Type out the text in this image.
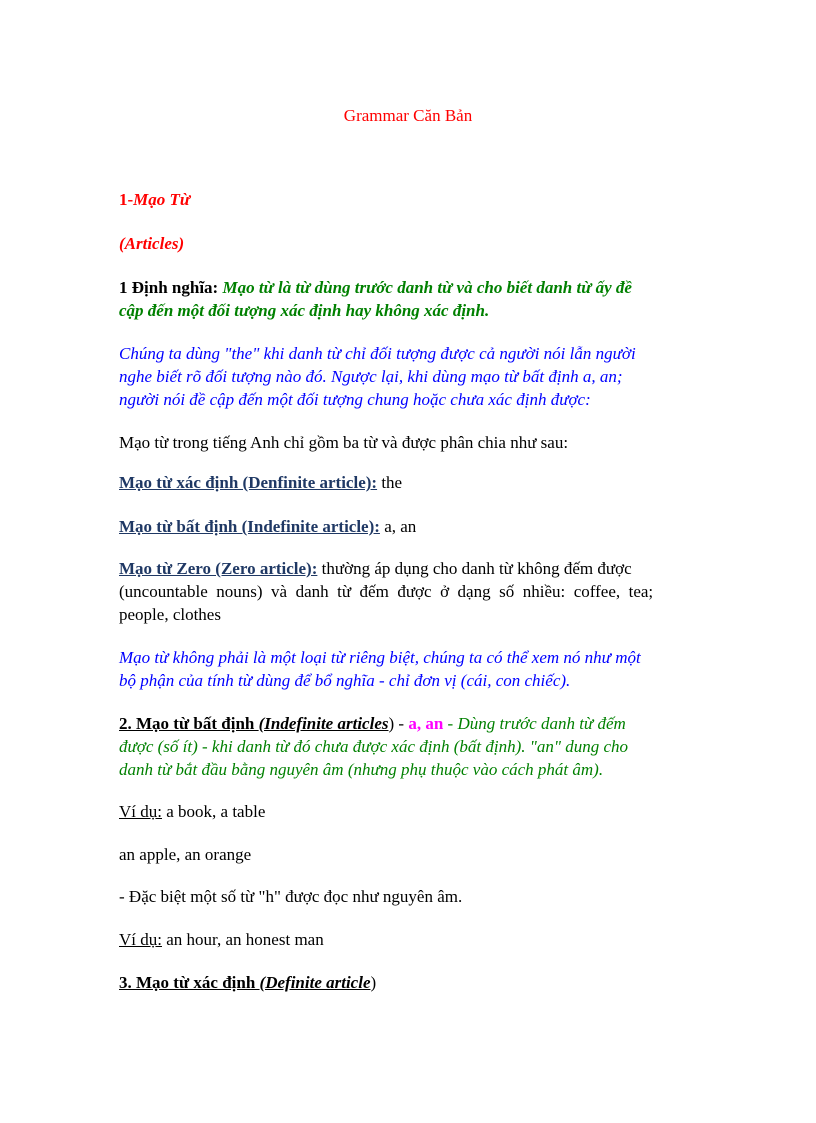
Grammar Căn Bản

1-Mạo Từ

(Articles)

1 Định nghĩa: Mạo từ là từ dùng trước danh từ và cho biết danh từ ấy đề

cập đến một đối tượng xác định hay không xác định.

Chúng ta dùng "the" khi danh từ chỉ đối tượng được cả người nói lẫn người

nghe biết rõ đối tượng nào đó. Ngược lại, khi dùng mạo từ bất định a, an;

người nói đề cập đến một đối tượng chung hoặc chưa xác định được:

Mạo từ trong tiếng Anh chỉ gồm ba từ và được phân chia như sau:

Mạo từ xác định (Denfinite article): the

Mạo từ bất định (Indefinite article): a, an

Mạo từ Zero (Zero article): thường áp dụng cho danh từ không đếm được

(uncountable  nouns)  và  danh  từ  đếm  được  ở  dạng  số  nhiều:  coffee,  tea;

people, clothes

Mạo từ không phải là một loại từ riêng biệt, chúng ta có thể xem nó như một

bộ phận của tính từ dùng để bổ nghĩa - chỉ đơn vị (cái, con chiếc).

2. Mạo từ bất định (Indefinite articles) - a, an - Dùng trước danh từ đếm

được (số ít) - khi danh từ đó chưa được xác định (bất định). "an" dung cho

danh từ bắt đầu bằng nguyên âm (nhưng phụ thuộc vào cách phát âm).

Ví dụ: a book, a table

an apple, an orange

- Đặc biệt một số từ "h" được đọc như nguyên âm.

Ví dụ: an hour, an honest man

3. Mạo từ xác định (Definite article)
